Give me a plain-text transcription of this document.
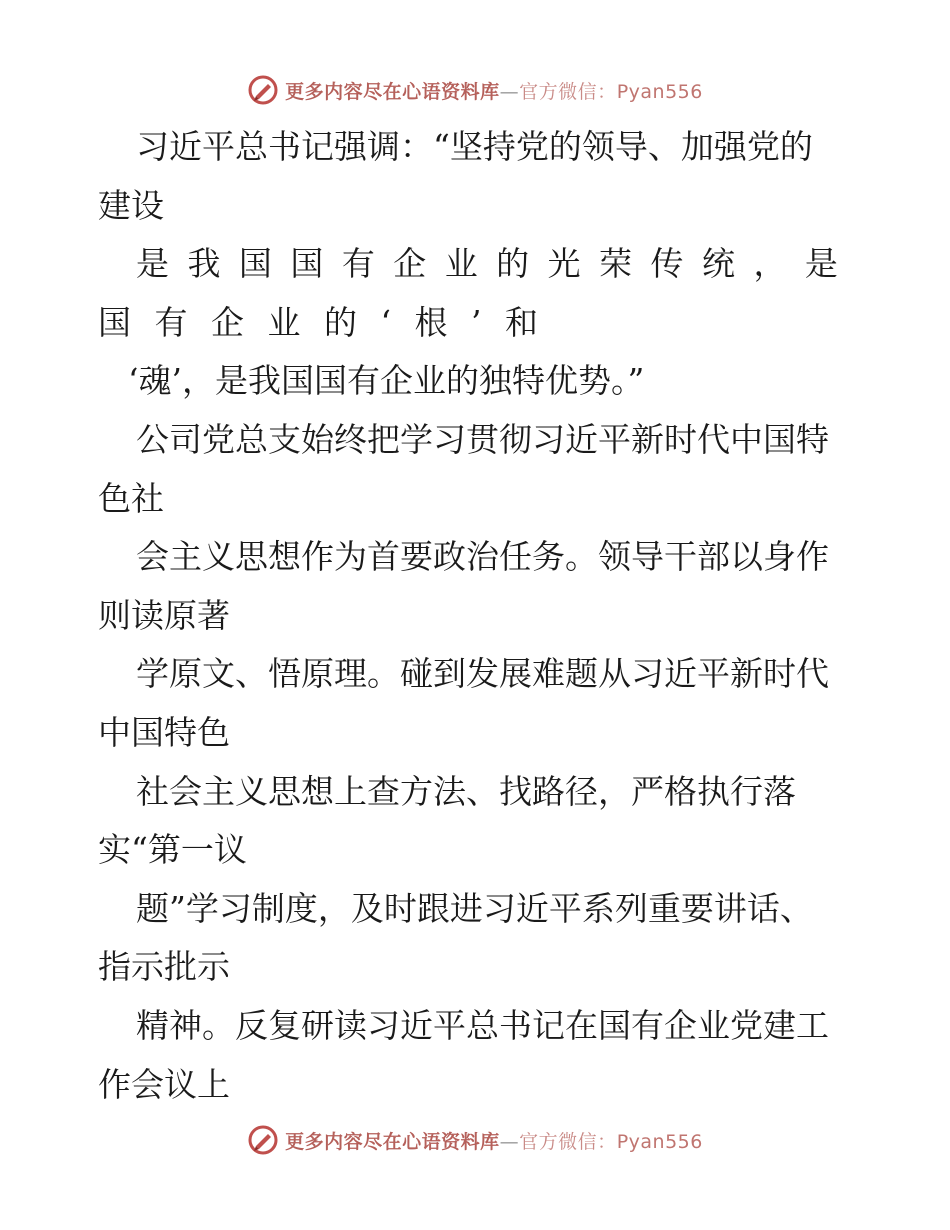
更多内容尽在心语资料库—官方微信：Pyan556
习近平总书记强调：“坚持党的领导、加强党的
建设
是 我 国 国 有 企 业 的 光 荣 传 统 ， 是
国 有 企 业 的 ‘ 根 ’ 和
‘魂’，是我国国有企业的独特优势。”
公司党总支始终把学习贯彻习近平新时代中国特
色社
会主义思想作为首要政治任务。领导干部以身作
则读原著
学原文、悟原理。碰到发展难题从习近平新时代
中国特色
社会主义思想上查方法、找路径，严格执行落
实“第一议
题”学习制度，及时跟进习近平系列重要讲话、
指示批示
精神。反复研读习近平总书记在国有企业党建工
作会议上
更多内容尽在心语资料库—官方微信：Pyan556
